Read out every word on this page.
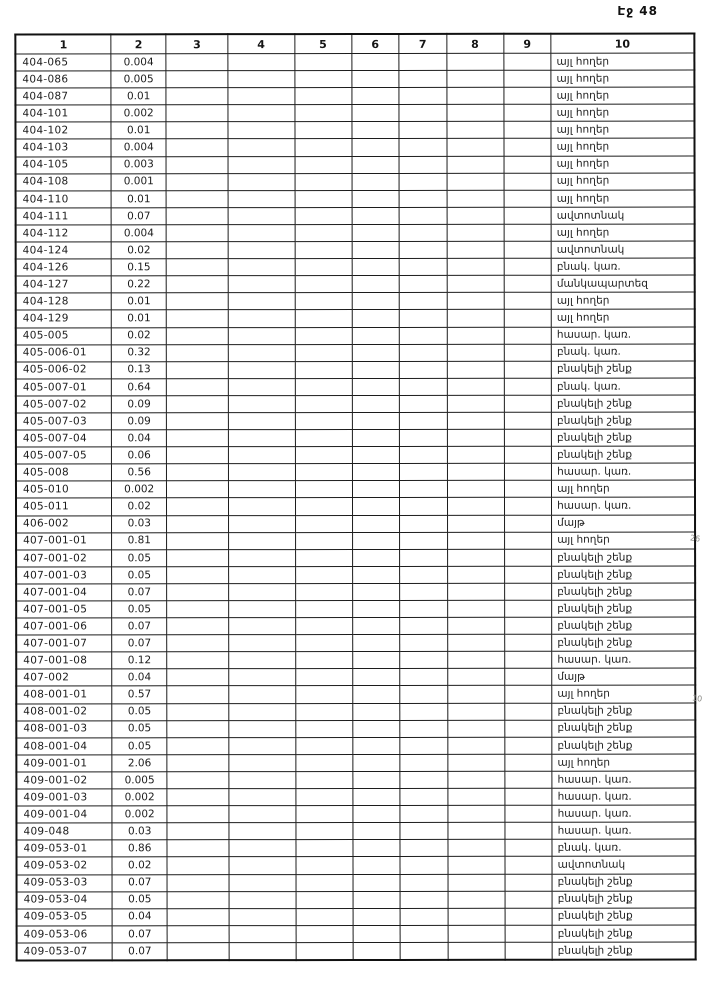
Էջ 48
1	2	3	4	5	6	7	8	9	10
404-065	0.004								այլ հողեր
404-086	0.005								այլ հողեր
404-087	0.01								այլ հողեր
404-101	0.002								այլ հողեր
404-102	0.01								այլ հողեր
404-103	0.004								այլ հողեր
404-105	0.003								այլ հողեր
404-108	0.001								այլ հողեր
404-110	0.01								այլ հողեր
404-111	0.07								ավտոտնակ
404-112	0.004								այլ հողեր
404-124	0.02								ավտոտնակ
404-126	0.15								բնակ. կառ.
404-127	0.22								մանկապարտեզ
404-128	0.01								այլ հողեր
404-129	0.01								այլ հողեր
405-005	0.02								հասար. կառ.
405-006-01	0.32								բնակ. կառ.
405-006-02	0.13								բնակելի շենք
405-007-01	0.64								բնակ. կառ.
405-007-02	0.09								բնակելի շենք
405-007-03	0.09								բնակելի շենք
405-007-04	0.04								բնակելի շենք
405-007-05	0.06								բնակելի շենք
405-008	0.56								հասար. կառ.
405-010	0.002								այլ հողեր
405-011	0.02								հասար. կառ.
406-002	0.03								մայթ
407-001-01	0.81								այլ հողեր
407-001-02	0.05								բնակելի շենք
407-001-03	0.05								բնակելի շենք
407-001-04	0.07								բնակելի շենք
407-001-05	0.05								բնակելի շենք
407-001-06	0.07								բնակելի շենք
407-001-07	0.07								բնակելի շենք
407-001-08	0.12								հասար. կառ.
407-002	0.04								մայթ
408-001-01	0.57								այլ հողեր
408-001-02	0.05								բնակելի շենք
408-001-03	0.05								բնակելի շենք
408-001-04	0.05								բնակելի շենք
409-001-01	2.06								այլ հողեր
409-001-02	0.005								հասար. կառ.
409-001-03	0.002								հասար. կառ.
409-001-04	0.002								հասար. կառ.
409-048	0.03								հասար. կառ.
409-053-01	0.86								բնակ. կառ.
409-053-02	0.02								ավտոտնակ
409-053-03	0.07								բնակելի շենք
409-053-04	0.05								բնակելի շենք
409-053-05	0.04								բնակելի շենք
409-053-06	0.07								բնակելի շենք
409-053-07	0.07								բնակելի շենք
26
10
